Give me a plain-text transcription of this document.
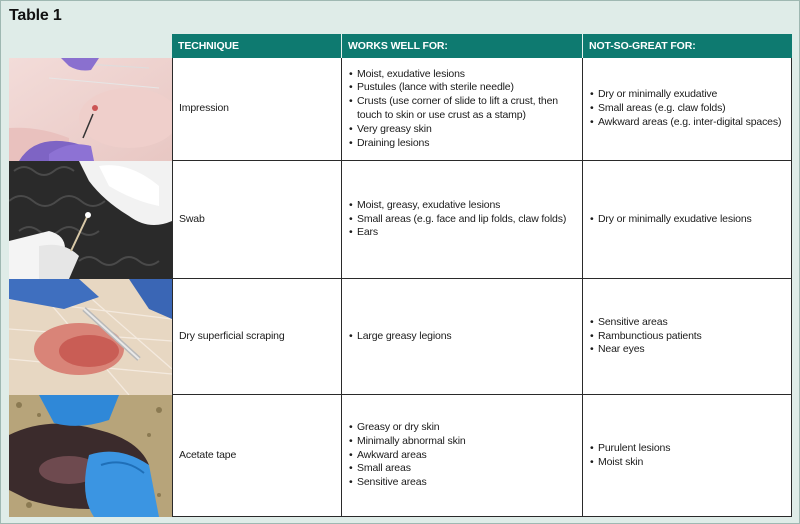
Table 1
TECHNIQUE	WORKS WELL FOR:	NOT-SO-GREAT FOR:
Impression
• Moist, exudative lesions
• Pustules (lance with sterile needle)
• Crusts (use corner of slide to lift a crust, then touch to skin or use crust as a stamp)
• Very greasy skin
• Draining lesions
• Dry or minimally exudative
• Small areas (e.g. claw folds)
• Awkward areas (e.g. inter-digital spaces)
Swab
• Moist, greasy, exudative lesions
• Small areas (e.g. face and lip folds, claw folds)
• Ears
• Dry or minimally exudative lesions
Dry superficial scraping
•	Large greasy legions
• Sensitive areas
• Rambunctious patients
• Near eyes
Acetate tape
• Greasy or dry skin
• Minimally abnormal skin
• Awkward areas
• Small areas
• Sensitive areas
• Purulent lesions
• Moist skin
